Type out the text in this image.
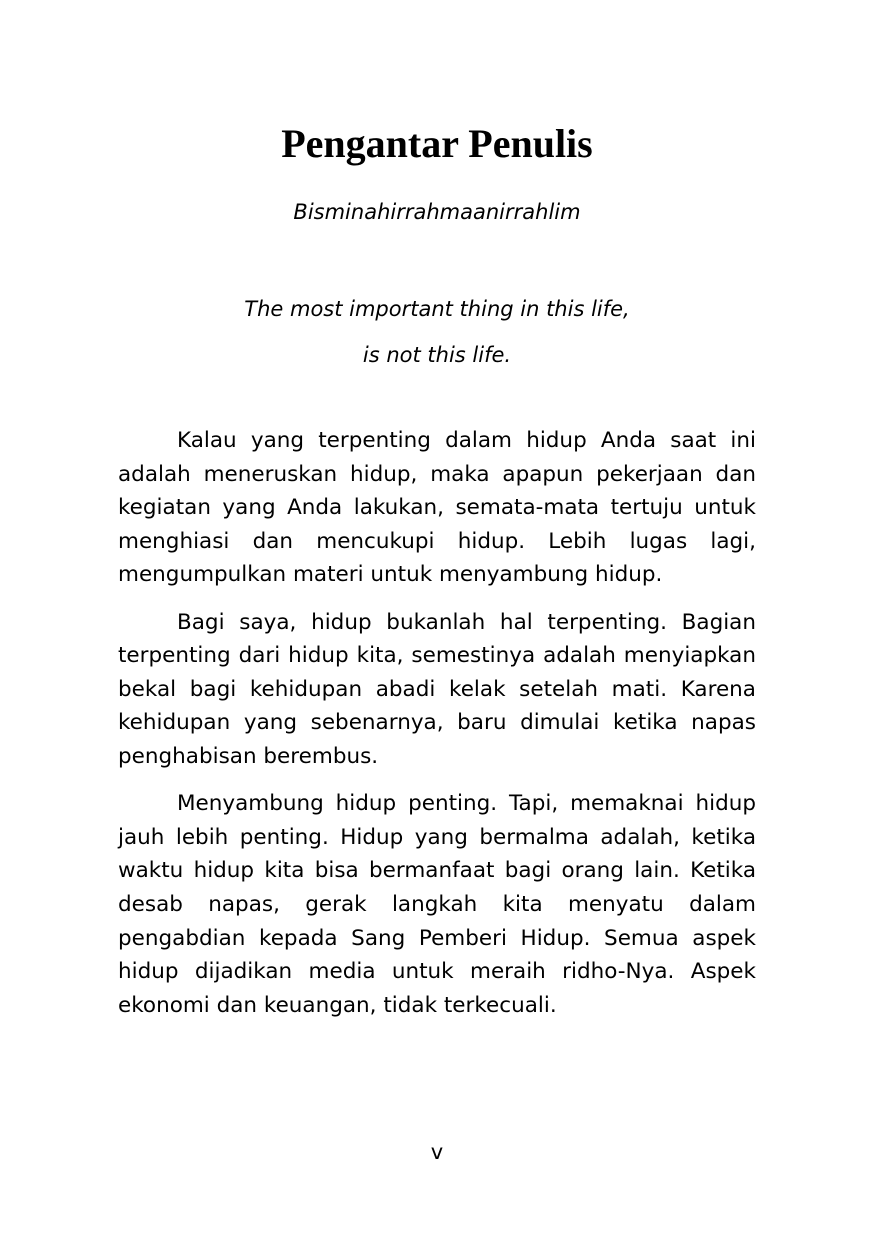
Pengantar Penulis
Bisminahirrahmaanirrahlim
The most important thing in this life,
is not this life.

Kalau yang terpenting dalam hidup Anda saat ini adalah meneruskan hidup, maka apapun pekerjaan dan kegiatan yang Anda lakukan, semata-mata tertuju untuk menghiasi dan mencukupi hidup. Lebih lugas lagi, mengumpulkan materi untuk menyambung hidup.

Bagi saya, hidup bukanlah hal terpenting. Bagian terpenting dari hidup kita, semestinya adalah menyiapkan bekal bagi kehidupan abadi kelak setelah mati. Karena kehidupan yang sebenarnya, baru dimulai ketika napas penghabisan berembus.

Menyambung hidup penting. Tapi, memaknai hidup jauh lebih penting. Hidup yang bermalma adalah, ketika waktu hidup kita bisa bermanfaat bagi orang lain. Ketika desab napas, gerak langkah kita menyatu dalam pengabdian kepada Sang Pemberi Hidup. Semua aspek hidup dijadikan media untuk meraih ridho-Nya. Aspek ekonomi dan keuangan, tidak terkecuali.

v
